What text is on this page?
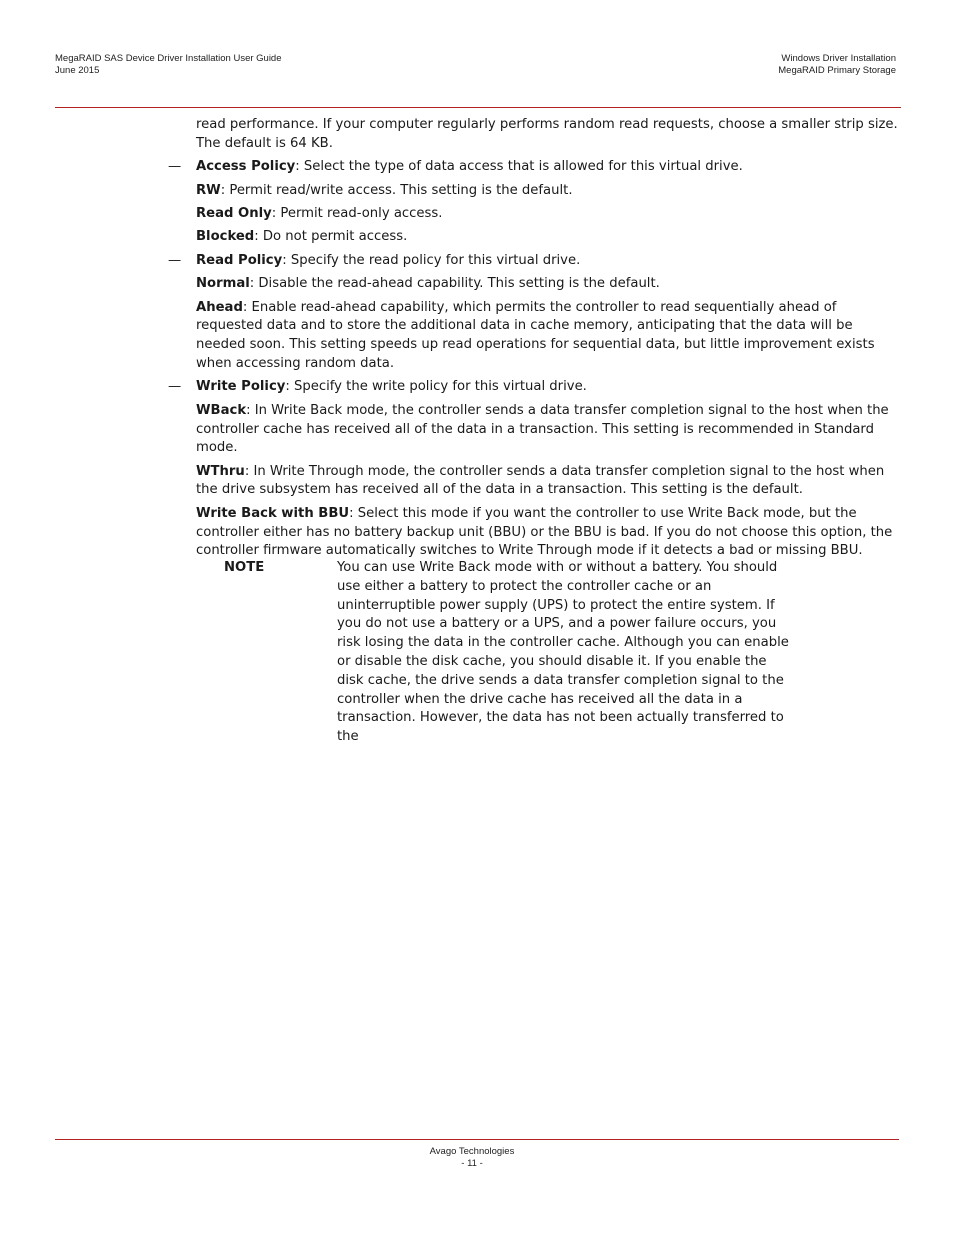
MegaRAID SAS Device Driver Installation User Guide
June 2015
Windows Driver Installation
MegaRAID Primary Storage

read performance. If your computer regularly performs random read requests, choose a smaller strip size. The default is 64 KB.

— Access Policy: Select the type of data access that is allowed for this virtual drive.

RW: Permit read/write access. This setting is the default.

Read Only: Permit read-only access.

Blocked: Do not permit access.

— Read Policy: Specify the read policy for this virtual drive.

Normal: Disable the read-ahead capability. This setting is the default.

Ahead: Enable read-ahead capability, which permits the controller to read sequentially ahead of requested data and to store the additional data in cache memory, anticipating that the data will be needed soon. This setting speeds up read operations for sequential data, but little improvement exists when accessing random data.

— Write Policy: Specify the write policy for this virtual drive.

WBack: In Write Back mode, the controller sends a data transfer completion signal to the host when the controller cache has received all of the data in a transaction. This setting is recommended in Standard mode.

WThru: In Write Through mode, the controller sends a data transfer completion signal to the host when the drive subsystem has received all of the data in a transaction. This setting is the default.

Write Back with BBU: Select this mode if you want the controller to use Write Back mode, but the controller either has no battery backup unit (BBU) or the BBU is bad. If you do not choose this option, the controller firmware automatically switches to Write Through mode if it detects a bad or missing BBU.

NOTE	You can use Write Back mode with or without a battery. You should use either a battery to protect the controller cache or an uninterruptible power supply (UPS) to protect the entire system. If you do not use a battery or a UPS, and a power failure occurs, you risk losing the data in the controller cache. Although you can enable or disable the disk cache, you should disable it. If you enable the disk cache, the drive sends a data transfer completion signal to the controller when the drive cache has received all the data in a transaction. However, the data has not been actually transferred to the
Avago Technologies
- 11 -
